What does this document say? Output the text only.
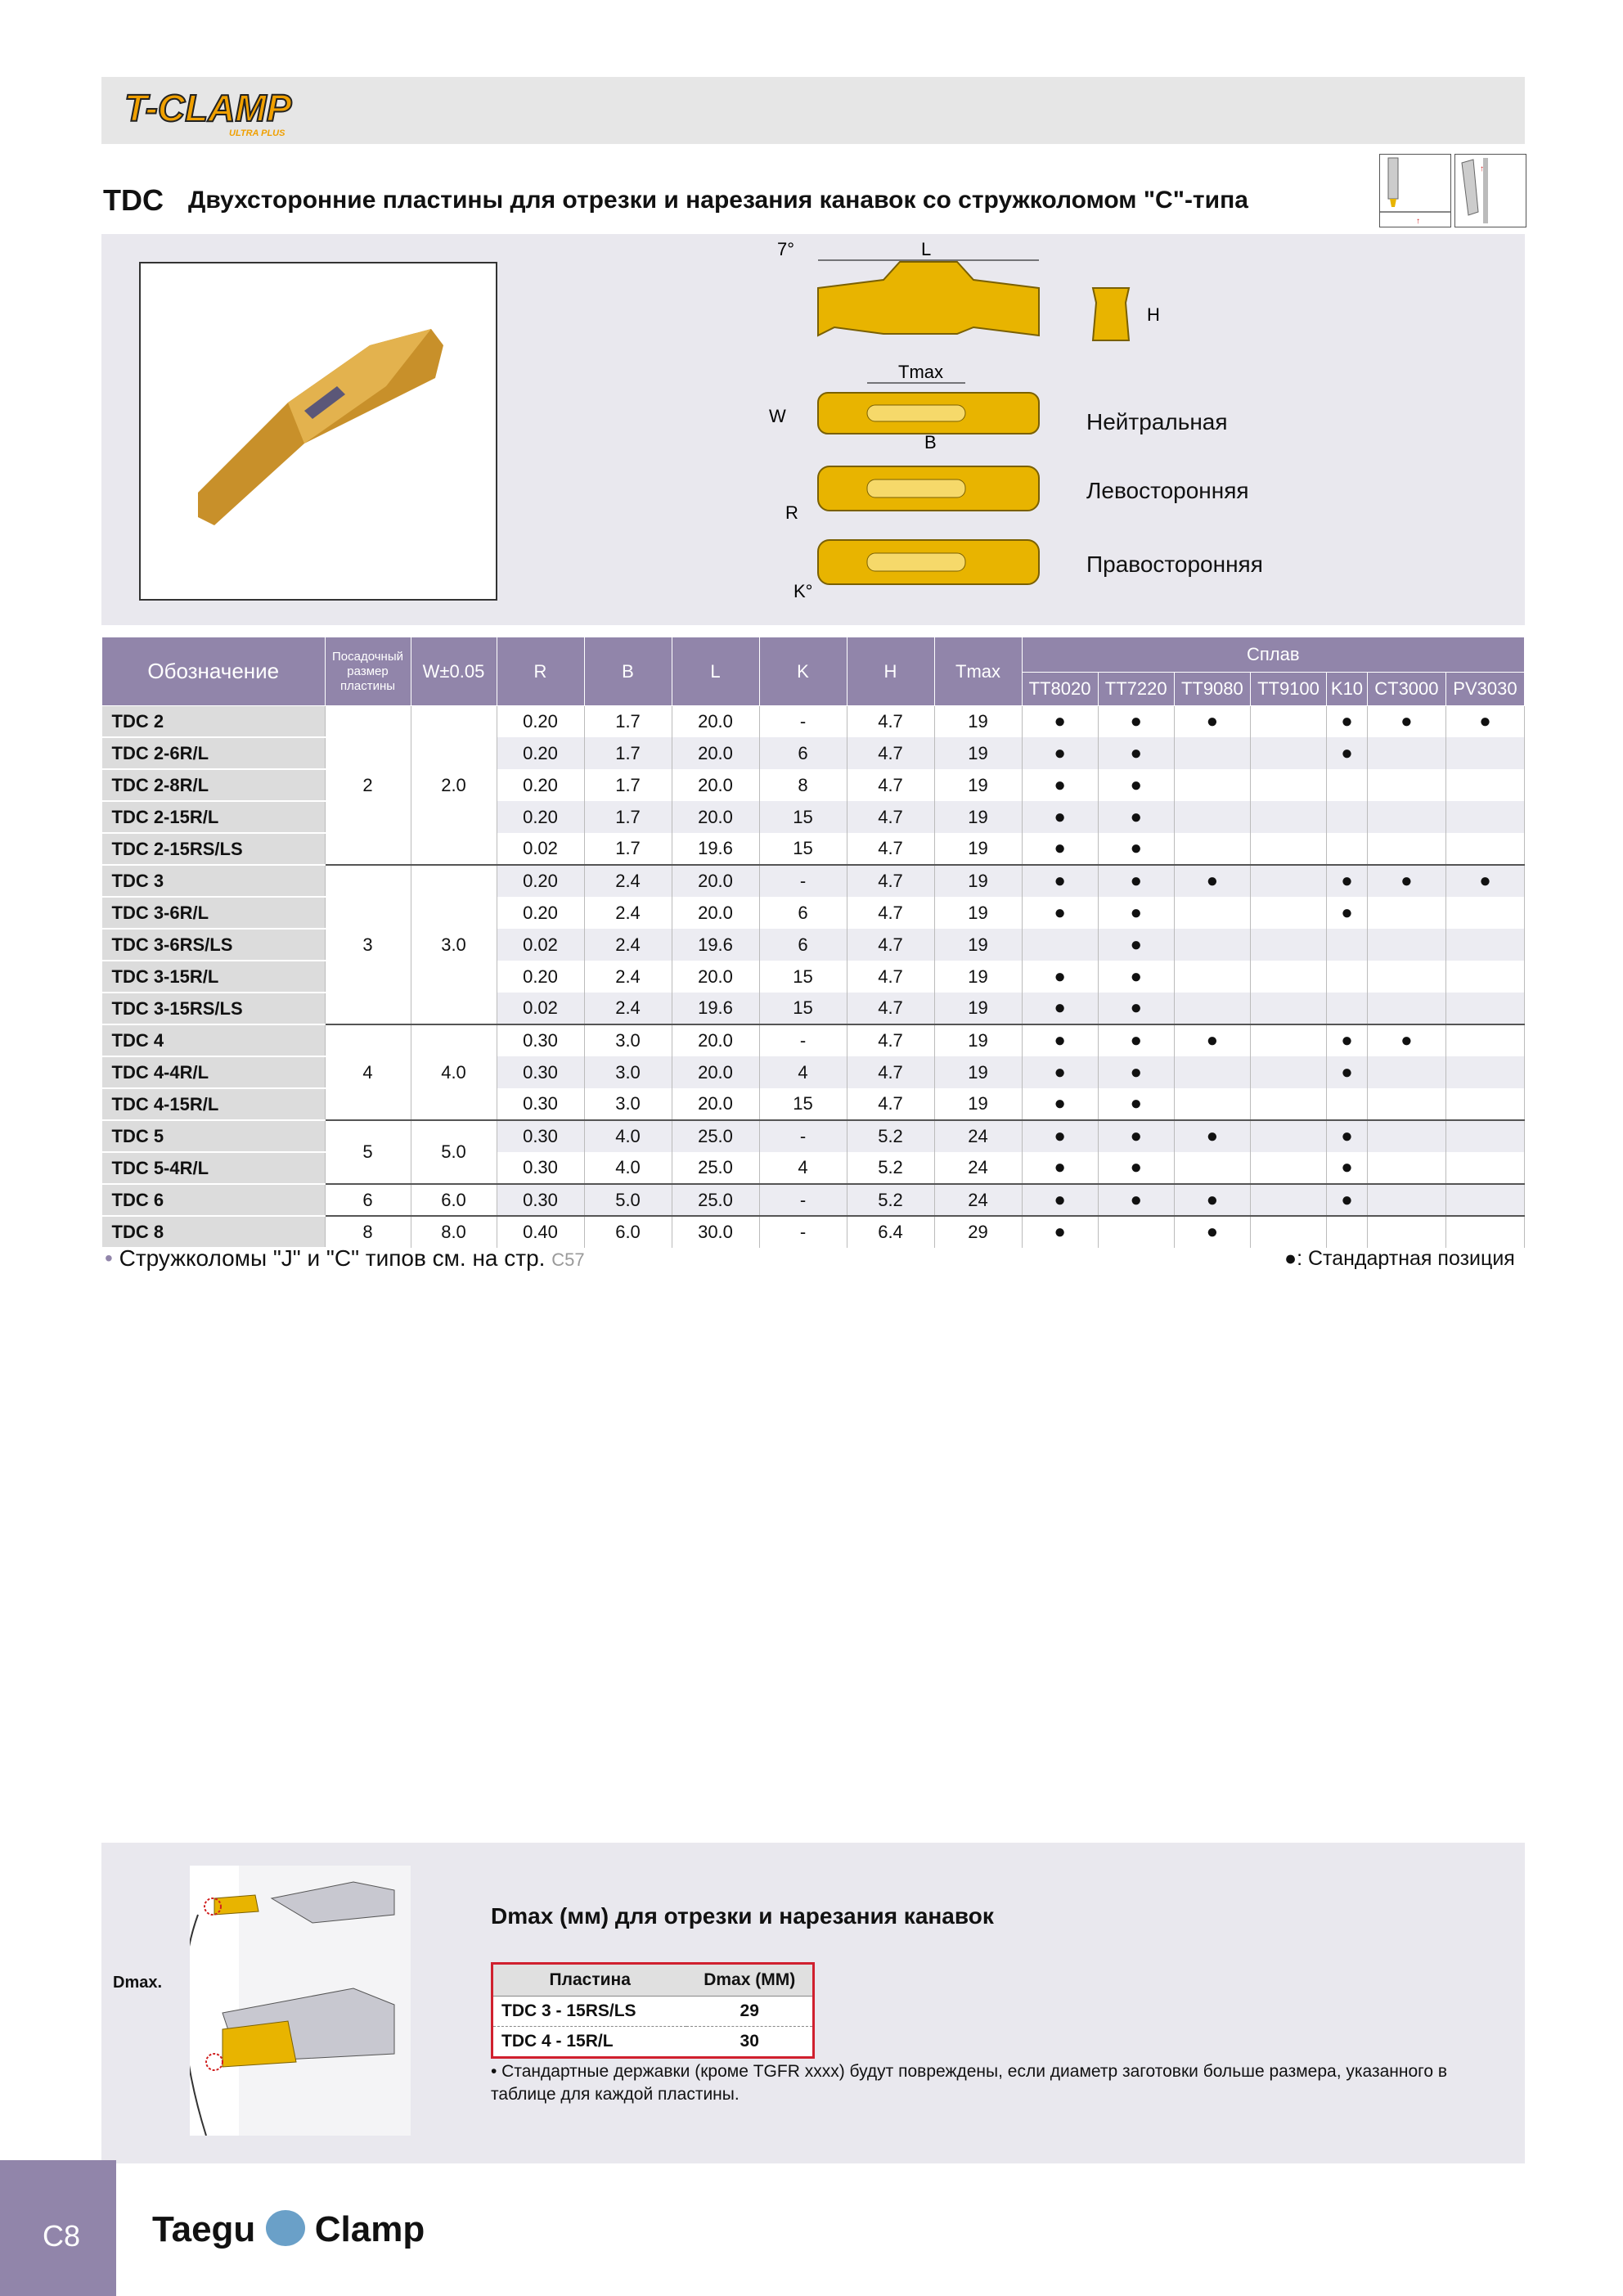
T-CLAMP
ULTRA PLUS
TDC Двухсторонние пластины для отрезки и нарезания канавок со стружколомом "С"-типа
↑
↑
7°	L
H
Tmax
W
B
R
K°
Нейтральная
Левосторонняя
Правосторонняя
Обозначение	Посадочный размер пластины	W±0.05	R	B	L	K	H	Tmax	Сплав						
									TT8020	TT7220	TT9080	TT9100	K10	CT3000	PV3030
TDC 2	2	2.0	0.20	1.7	20.0	-	4.7	19	●	●	●		●	●	●
TDC 2-6R/L			0.20	1.7	20.0	6	4.7	19	●	●			●		
TDC 2-8R/L			0.20	1.7	20.0	8	4.7	19	●	●					
TDC 2-15R/L			0.20	1.7	20.0	15	4.7	19	●	●					
TDC 2-15RS/LS			0.02	1.7	19.6	15	4.7	19	●	●					
TDC 3	3	3.0	0.20	2.4	20.0	-	4.7	19	●	●	●		●	●	●
TDC 3-6R/L			0.20	2.4	20.0	6	4.7	19	●	●			●		
TDC 3-6RS/LS			0.02	2.4	19.6	6	4.7	19		●					
TDC 3-15R/L			0.20	2.4	20.0	15	4.7	19	●	●					
TDC 3-15RS/LS			0.02	2.4	19.6	15	4.7	19	●	●					
TDC 4	4	4.0	0.30	3.0	20.0	-	4.7	19	●	●	●		●	●	
TDC 4-4R/L			0.30	3.0	20.0	4	4.7	19	●	●			●		
TDC 4-15R/L			0.30	3.0	20.0	15	4.7	19	●	●					
TDC 5	5	5.0	0.30	4.0	25.0	-	5.2	24	●	●	●		●		
TDC 5-4R/L			0.30	4.0	25.0	4	5.2	24	●	●			●		
TDC 6	6	6.0	0.30	5.0	25.0	-	5.2	24	●	●	●		●		
TDC 8	8	8.0	0.40	6.0	30.0	-	6.4	29	●		●				
• Стружколомы "J" и "C" типов см. на стр. C57	●: Стандартная позиция
Dmax.
Dmax (мм) для отрезки и нарезания канавок
Пластина	Dmax (ММ)
TDC 3 - 15RS/LS	29
TDC 4 - 15R/L	30
• Стандартные державки (кроме TGFR xxxx) будут повреждены, если диаметр заготовки больше размера, указанного в таблице для каждой пластины.
C8 Taegu Clamp
